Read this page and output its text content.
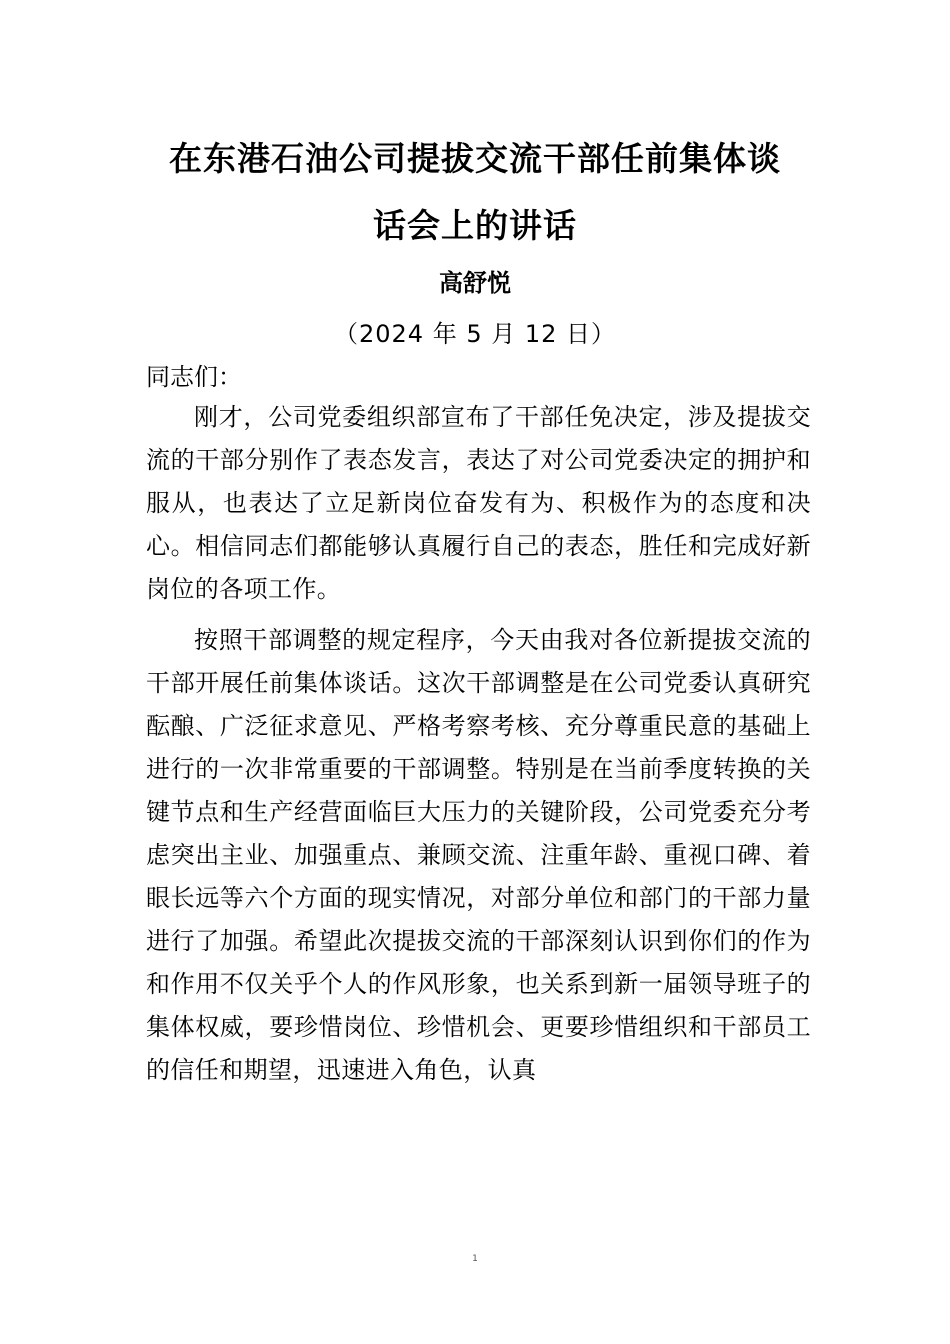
在东港石油公司提拔交流干部任前集体谈
话会上的讲话
高舒悦
（2024 年 5 月 12 日）
同志们：

刚才，公司党委组织部宣布了干部任免决定，涉及提拔交流的干部分别作了表态发言，表达了对公司党委决定的拥护和服从，也表达了立足新岗位奋发有为、积极作为的态度和决心。相信同志们都能够认真履行自己的表态，胜任和完成好新岗位的各项工作。

按照干部调整的规定程序，今天由我对各位新提拔交流的干部开展任前集体谈话。这次干部调整是在公司党委认真研究酝酿、广泛征求意见、严格考察考核、充分尊重民意的基础上进行的一次非常重要的干部调整。特别是在当前季度转换的关键节点和生产经营面临巨大压力的关键阶段，公司党委充分考虑突出主业、加强重点、兼顾交流、注重年龄、重视口碑、着眼长远等六个方面的现实情况，对部分单位和部门的干部力量进行了加强。希望此次提拔交流的干部深刻认识到你们的作为和作用不仅关乎个人的作风形象，也关系到新一届领导班子的集体权威，要珍惜岗位、珍惜机会、更要珍惜组织和干部员工的信任和期望，迅速进入角色，认真

1
